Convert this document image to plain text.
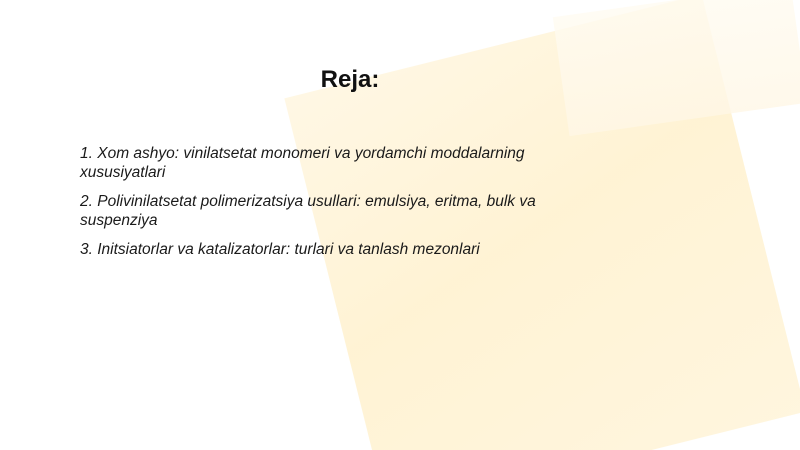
Reja:
1. Xom ashyo: vinilatsetat monomeri va yordamchi moddalarning xususiyatlari
2. Polivinilatsetat polimerizatsiya usullari: emulsiya, eritma, bulk va suspenziya
3. Initsiatorlar va katalizatorlar: turlari va tanlash mezonlari
